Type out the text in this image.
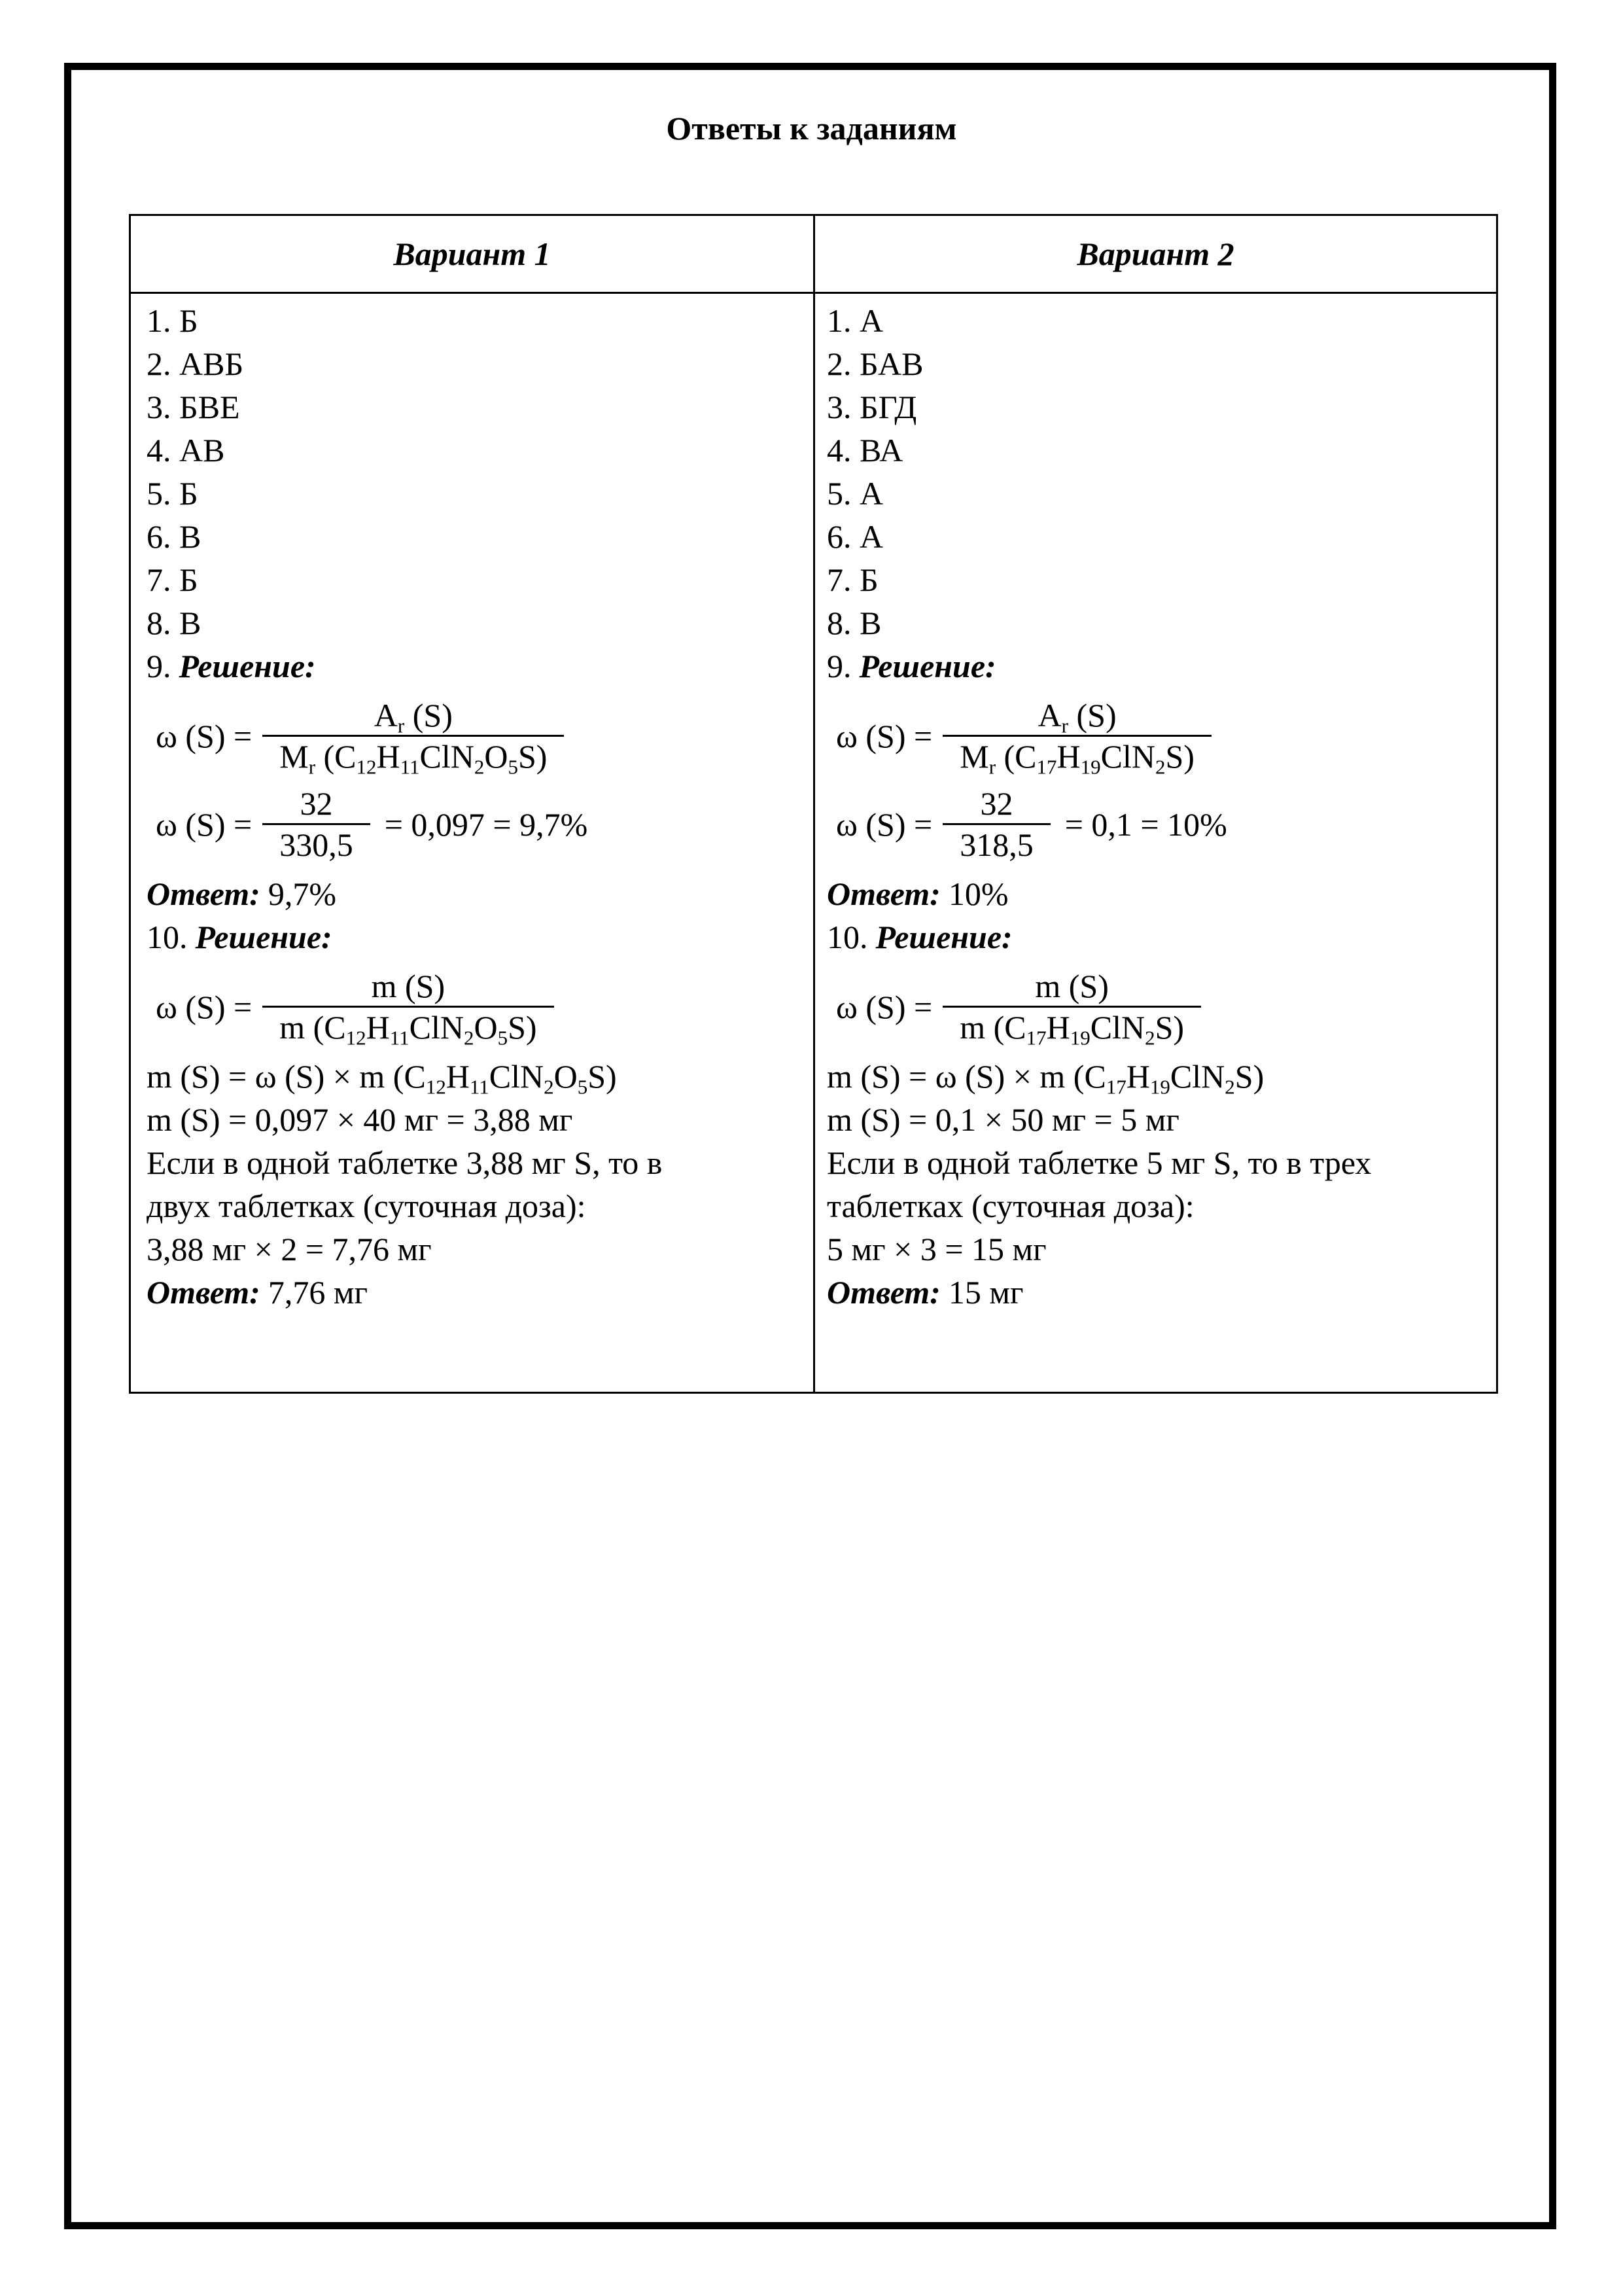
Ответы к заданиям
Вариант 1	Вариант 2
1. Б
2. АВБ
3. БВЕ
4. АВ
5. Б
6. В
7. Б
8. В
9. Решение:
ω $(S) = \frac{A_r (S)}{M_r (C_{12}H_{11}ClN_2O_5S)}$
ω $(S) = \frac{32}{330,5} = 0,097 = 9,7\%$
Ответ: 9,7%
10. Решение:
ω $(S) = \frac{m (S)}{m (C_{12}H_{11}ClN_2O_5S)}$
m (S) = ω (S) × m $(C_{12}H_{11}ClN_2O_5S)$
m (S) = 0,097 × 40 мг = 3,88 мг
Если в одной таблетке 3,88 мг S, то в
двух таблетках (суточная доза):
3,88 мг × 2 = 7,76 мг
Ответ: 7,76 мг
1. А
2. БАВ
3. БГД
4. ВА
5. А
6. А
7. Б
8. В
9. Решение:
ω $(S) = \frac{A_r (S)}{M_r (C_{17}H_{19}ClN_2S)}$
ω $(S) = \frac{32}{318,5} = 0,1 = 10\%$
Ответ: 10%
10. Решение:
ω $(S) = \frac{m (S)}{m (C_{17}H_{19}ClN_2S)}$
m (S) = ω (S) × m $(C_{17}H_{19}ClN_2S)$
m (S) = 0,1 × 50 мг = 5 мг
Если в одной таблетке 5 мг S, то в трех
таблетках (суточная доза):
5 мг × 3 = 15 мг
Ответ: 15 мг
